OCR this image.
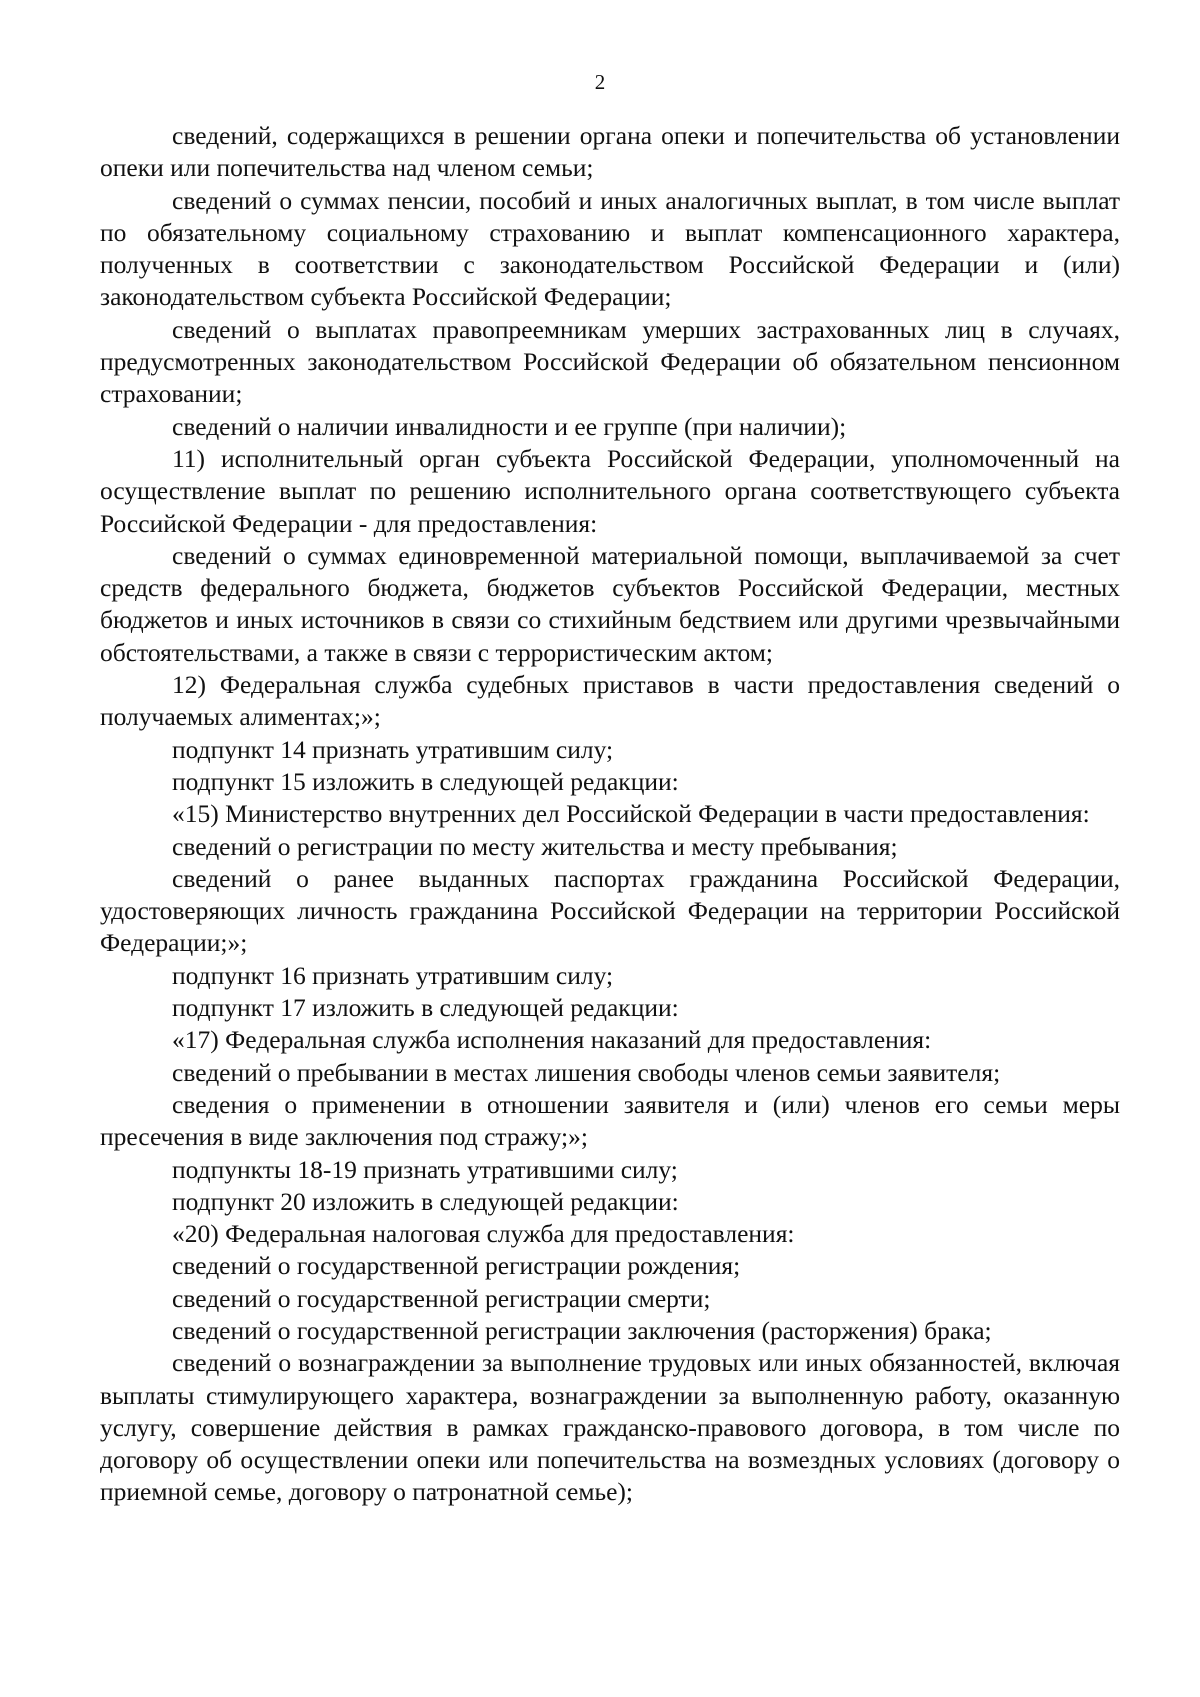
2

сведений, содержащихся в решении органа опеки и попечительства об установлении опеки или попечительства над членом семьи;

сведений о суммах пенсии, пособий и иных аналогичных выплат, в том числе выплат по обязательному социальному страхованию и выплат компенсационного характера, полученных в соответствии с законодательством Российской Федерации и (или) законодательством субъекта Российской Федерации;

сведений о выплатах правопреемникам умерших застрахованных лиц в случаях, предусмотренных законодательством Российской Федерации об обязательном пенсионном страховании;

сведений о наличии инвалидности и ее группе (при наличии);

11) исполнительный орган субъекта Российской Федерации, уполномоченный на осуществление выплат по решению исполнительного органа соответствующего субъекта Российской Федерации - для предоставления:

сведений о суммах единовременной материальной помощи, выплачиваемой за счет средств федерального бюджета, бюджетов субъектов Российской Федерации, местных бюджетов и иных источников в связи со стихийным бедствием или другими чрезвычайными обстоятельствами, а также в связи с террористическим актом;

12) Федеральная служба судебных приставов в части предоставления сведений о получаемых алиментах;»;

подпункт 14 признать утратившим силу;

подпункт 15 изложить в следующей редакции:

«15) Министерство внутренних дел Российской Федерации в части предоставления:

сведений о регистрации по месту жительства и месту пребывания;

сведений о ранее выданных паспортах гражданина Российской Федерации, удостоверяющих личность гражданина Российской Федерации на территории Российской Федерации;»;

подпункт 16 признать утратившим силу;

подпункт 17 изложить в следующей редакции:

«17) Федеральная служба исполнения наказаний для предоставления:

сведений о пребывании в местах лишения свободы членов семьи заявителя;

сведения о применении в отношении заявителя и (или) членов его семьи меры пресечения в виде заключения под стражу;»;

подпункты 18-19 признать утратившими силу;

подпункт 20 изложить в следующей редакции:

«20) Федеральная налоговая служба для предоставления:

сведений о государственной регистрации рождения;

сведений о государственной регистрации смерти;

сведений о государственной регистрации заключения (расторжения) брака;

сведений о вознаграждении за выполнение трудовых или иных обязанностей, включая выплаты стимулирующего характера, вознаграждении за выполненную работу, оказанную услугу, совершение действия в рамках гражданско-правового договора, в том числе по договору об осуществлении опеки или попечительства на возмездных условиях (договору о приемной семье, договору о патронатной семье);
